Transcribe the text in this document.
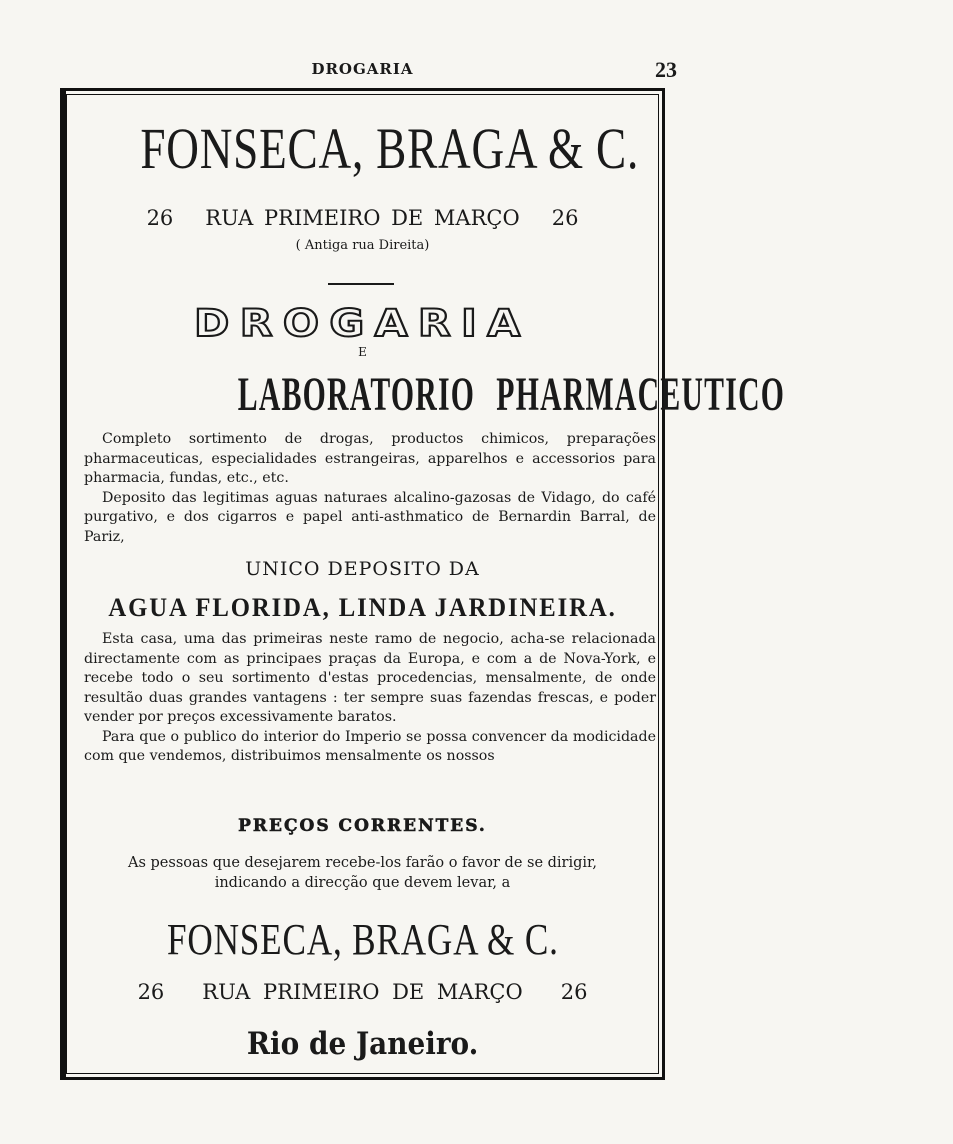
DROGARIA	23
FONSECA, BRAGA & C.
26   RUA PRIMEIRO DE MARÇO   26
( Antiga rua Direita)
DROGARIA
E
LABORATORIO PHARMACEUTICO

Completo sortimento de drogas, productos chimicos, preparações pharmaceuticas, especialidades estrangeiras, apparelhos e accessorios para pharmacia, fundas, etc., etc.

Deposito das legitimas aguas naturaes alcalino-gazosas de Vidago, do café purgativo, e dos cigarros e papel anti-asthmatico de Bernardin Barral, de Pariz,

UNICO DEPOSITO DA
AGUA FLORIDA, LINDA JARDINEIRA.

Esta casa, uma das primeiras neste ramo de negocio, acha-se relacionada directamente com as principaes praças da Europa, e com a de Nova-York, e recebe todo o seu sortimento d'estas procedencias, mensalmente, de onde resultão duas grandes vantagens : ter sempre suas fazendas frescas, e poder vender por preços excessivamente baratos.

Para que o publico do interior do Imperio se possa convencer da modicidade com que vendemos, distribuimos mensalmente os nossos

PREÇOS CORRENTES.
As pessoas que desejarem recebe-los farão o favor de se dirigir,
indicando a direcção que devem levar, a
FONSECA, BRAGA & C.
26   RUA PRIMEIRO DE MARÇO   26
Rio de Janeiro.
